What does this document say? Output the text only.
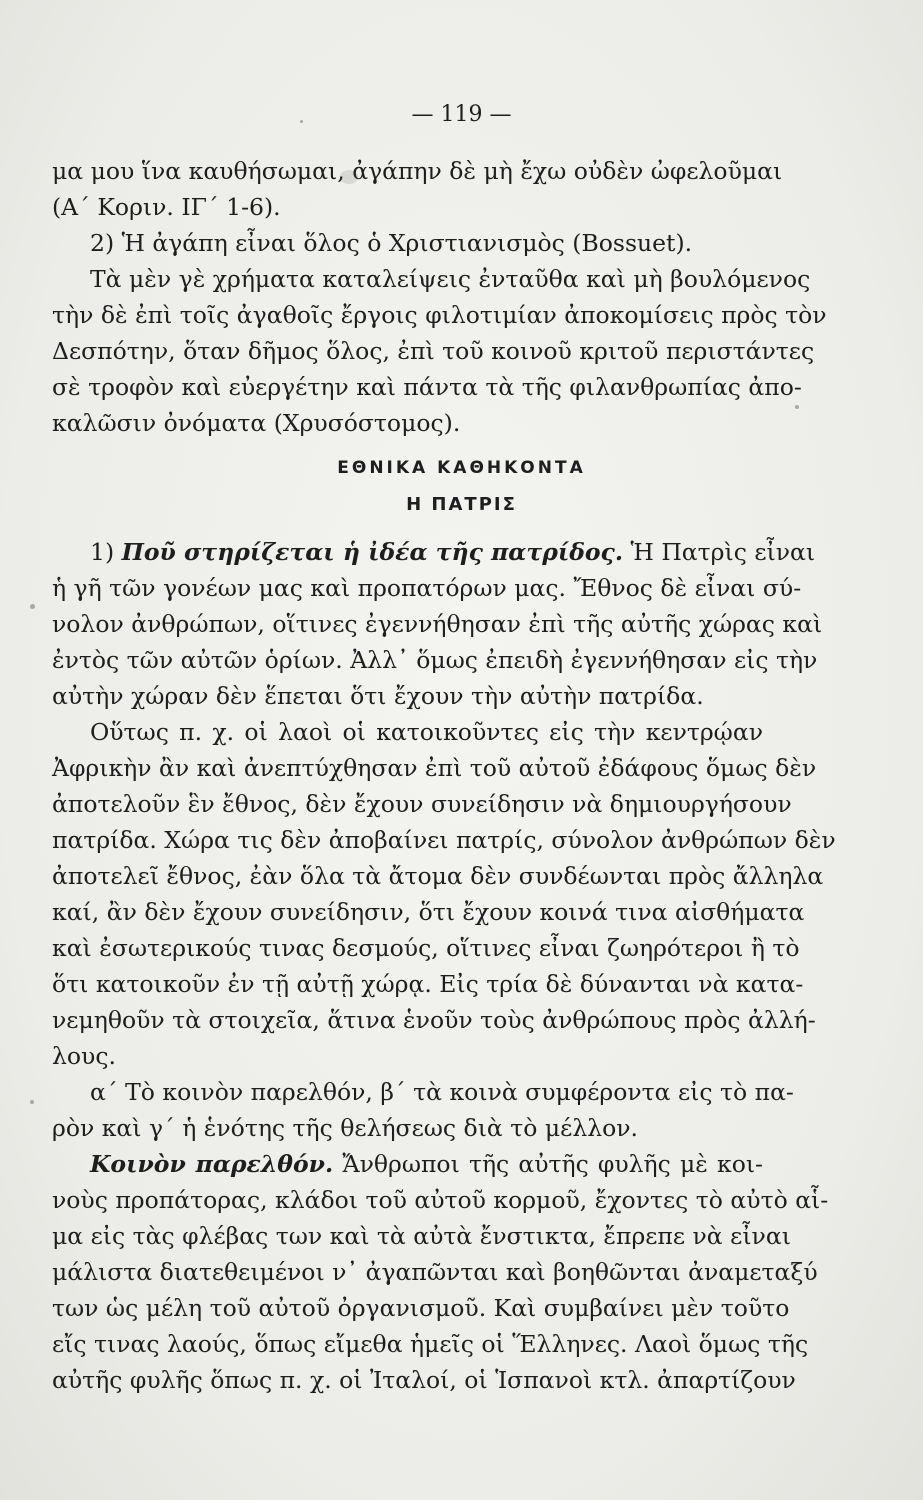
— 119 —

μα μου ἵνα καυθήσωμαι, ἀγάπην δὲ μὴ ἔχω οὐδὲν ὠφελοῦμαι

(Α΄ Κοριν. ΙΓ΄ 1-6).

2) Ἡ ἀγάπη εἶναι ὅλος ὁ Χριστιανισμὸς (Bossuet).

Τὰ μὲν γὲ χρήματα καταλείψεις ἐνταῦθα καὶ μὴ βουλόμενος

τὴν δὲ ἐπὶ τοῖς ἀγαθοῖς ἔργοις φιλοτιμίαν ἀποκομίσεις πρὸς τὸν

Δεσπότην, ὅταν δῆμος ὅλος, ἐπὶ τοῦ κοινοῦ κριτοῦ περιστάντες

σὲ τροφὸν καὶ εὐεργέτην καὶ πάντα τὰ τῆς φιλανθρωπίας ἀπο-

καλῶσιν ὀνόματα (Χρυσόστομος).

ΕΘΝΙΚΑ ΚΑΘΗΚΟΝΤΑ
Η ΠΑΤΡΙΣ

1) Ποῦ στηρίζεται ἡ ἰδέα τῆς πατρίδος. Ἡ Πατρὶς εἶναι

ἡ γῆ τῶν γονέων μας καὶ προπατόρων μας. Ἔθνος δὲ εἶναι σύ-

νολον ἀνθρώπων, οἵτινες ἐγεννήθησαν ἐπὶ τῆς αὐτῆς χώρας καὶ

ἐντὸς τῶν αὐτῶν ὁρίων. Ἀλλ᾽ ὅμως ἐπειδὴ ἐγεννήθησαν εἰς τὴν

αὐτὴν χώραν δὲν ἕπεται ὅτι ἔχουν τὴν αὐτὴν πατρίδα.

Οὕτως π. χ. οἱ λαοὶ οἱ κατοικοῦντες εἰς τὴν κεντρῴαν

Ἀφρικὴν ἂν καὶ ἀνεπτύχθησαν ἐπὶ τοῦ αὐτοῦ ἐδάφους ὅμως δὲν

ἀποτελοῦν ἓν ἔθνος, δὲν ἔχουν συνείδησιν νὰ δημιουργήσουν

πατρίδα. Χώρα τις δὲν ἀποβαίνει πατρίς, σύνολον ἀνθρώπων δὲν

ἀποτελεῖ ἔθνος, ἐὰν ὅλα τὰ ἄτομα δὲν συνδέωνται πρὸς ἄλληλα

καί, ἂν δὲν ἔχουν συνείδησιν, ὅτι ἔχουν κοινά τινα αἰσθήματα

καὶ ἐσωτερικούς τινας δεσμούς, οἵτινες εἶναι ζωηρότεροι ἢ τὸ

ὅτι κατοικοῦν ἐν τῇ αὐτῇ χώρᾳ. Εἰς τρία δὲ δύνανται νὰ κατα-

νεμηθοῦν τὰ στοιχεῖα, ἅτινα ἑνοῦν τοὺς ἀνθρώπους πρὸς ἀλλή-

λους.

α΄ Τὸ κοινὸν παρελθόν, β΄ τὰ κοινὰ συμφέροντα εἰς τὸ πα-

ρὸν καὶ γ΄ ἡ ἑνότης τῆς θελήσεως διὰ τὸ μέλλον.

Κοινὸν παρελθόν. Ἄνθρωποι τῆς αὐτῆς φυλῆς μὲ κοι-

νοὺς προπάτορας, κλάδοι τοῦ αὐτοῦ κορμοῦ, ἔχοντες τὸ αὐτὸ αἷ-

μα εἰς τὰς φλέβας των καὶ τὰ αὐτὰ ἔνστικτα, ἔπρεπε νὰ εἶναι

μάλιστα διατεθειμένοι ν᾽ ἀγαπῶνται καὶ βοηθῶνται ἀναμεταξύ

των ὡς μέλη τοῦ αὐτοῦ ὀργανισμοῦ. Καὶ συμβαίνει μὲν τοῦτο

εἴς τινας λαούς, ὅπως εἴμεθα ἡμεῖς οἱ Ἕλληνες. Λαοὶ ὅμως τῆς

αὐτῆς φυλῆς ὅπως π. χ. οἱ Ἰταλοί, οἱ Ἱσπανοὶ κτλ. ἀπαρτίζουν
